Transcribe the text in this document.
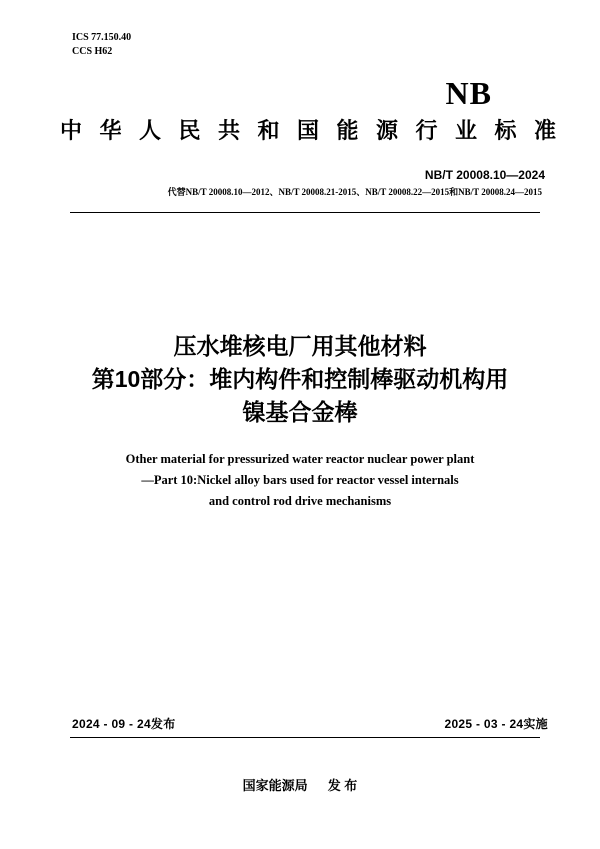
ICS 77.150.40
CCS H62
NB
中华人民共和国能源行业标准
NB/T 20008.10—2024
代替NB/T 20008.10—2012、NB/T 20008.21-2015、NB/T 20008.22—2015和NB/T 20008.24—2015
压水堆核电厂用其他材料
第10部分：堆内构件和控制棒驱动机构用
镍基合金棒
Other material for pressurized water reactor nuclear power plant
—Part 10:Nickel alloy bars used for reactor vessel internals
and control rod drive mechanisms
2024 - 09 - 24发布	2025 - 03 - 24实施
国家能源局 发 布
